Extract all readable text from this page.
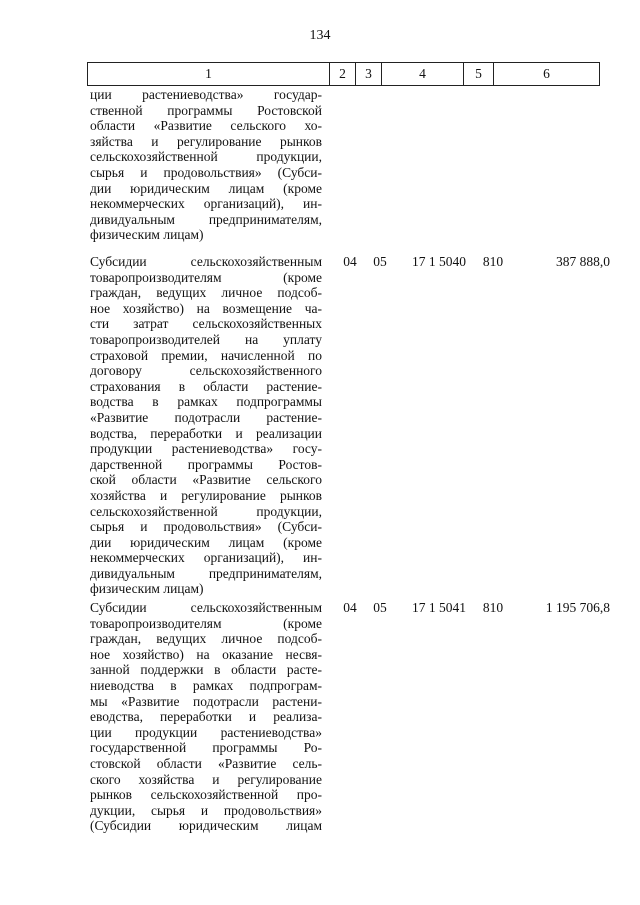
134
1	2	3	4	5	6
ции растениеводства» государ-
ственной программы Ростовской
области «Развитие сельского хо-
зяйства и регулирование рынков
сельскохозяйственной продукции,
сырья и продовольствия» (Субси-
дии юридическим лицам (кроме
некоммерческих организаций), ин-
дивидуальным предпринимателям,
физическим лицам)
Субсидии сельскохозяйственным
товаропроизводителям (кроме
граждан, ведущих личное подсоб-
ное хозяйство) на возмещение ча-
сти затрат сельскохозяйственных
товаропроизводителей на уплату
страховой премии, начисленной по
договору сельскохозяйственного
страхования в области растение-
водства в рамках подпрограммы
«Развитие подотрасли растение-
водства, переработки и реализации
продукции растениеводства» госу-
дарственной программы Ростов-
ской области «Развитие сельского
хозяйства и регулирование рынков
сельскохозяйственной продукции,
сырья и продовольствия» (Субси-
дии юридическим лицам (кроме
некоммерческих организаций), ин-
дивидуальным предпринимателям,
физическим лицам)
04	05	17 1 5040	810	387 888,0
Субсидии сельскохозяйственным
товаропроизводителям (кроме
граждан, ведущих личное подсоб-
ное хозяйство) на оказание несвя-
занной поддержки в области расте-
ниеводства в рамках подпрограм-
мы «Развитие подотрасли растени-
еводства, переработки и реализа-
ции продукции растениеводства»
государственной программы Ро-
стовской области «Развитие сель-
ского хозяйства и регулирование
рынков сельскохозяйственной про-
дукции, сырья и продовольствия»
(Субсидии юридическим лицам
04	05	17 1 5041	810	1 195 706,8
